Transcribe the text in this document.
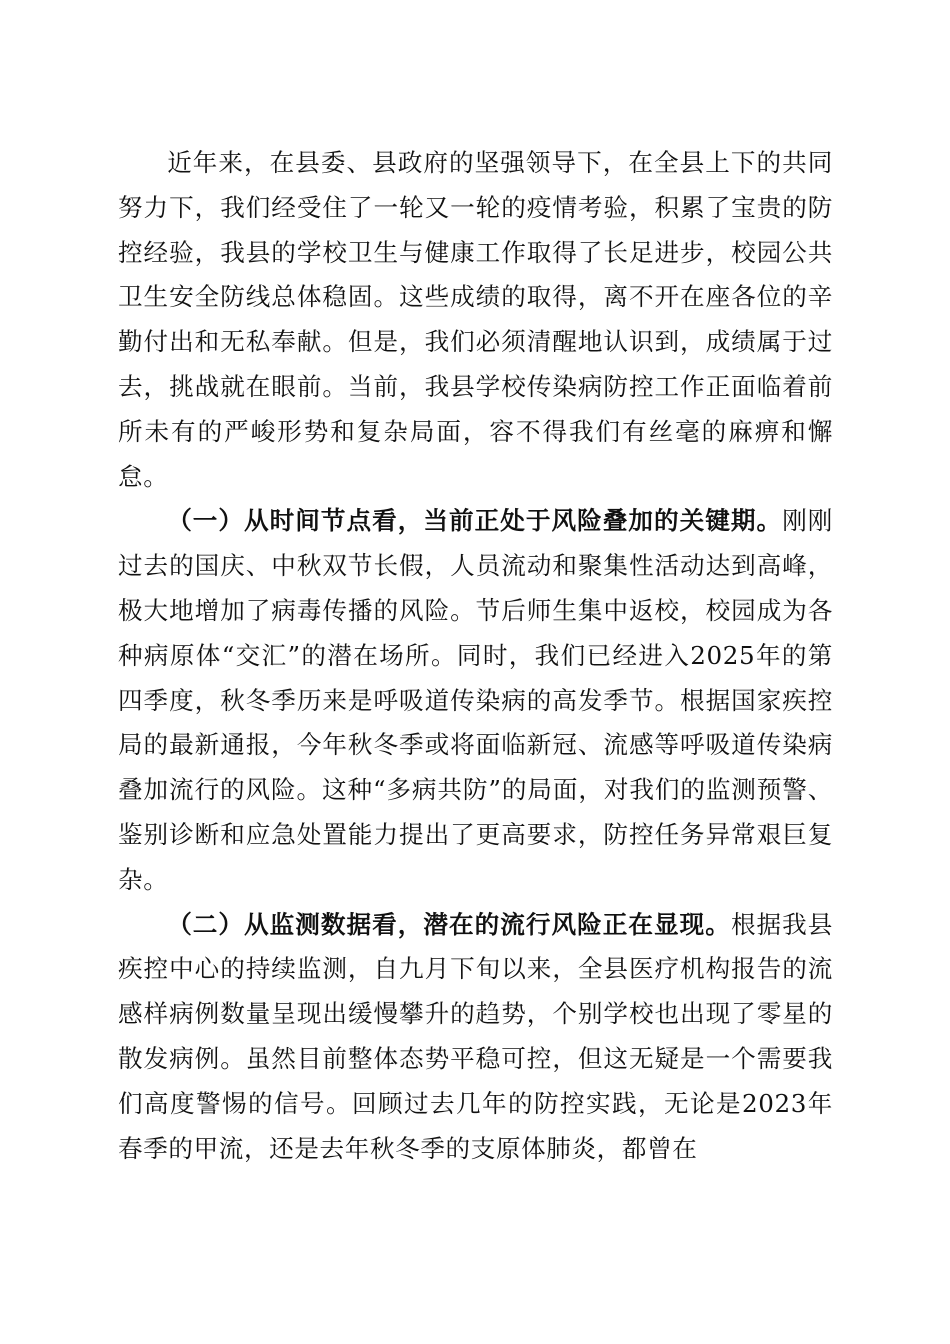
近年来，在县委、县政府的坚强领导下，在全县上下的共同努力下，我们经受住了一轮又一轮的疫情考验，积累了宝贵的防控经验，我县的学校卫生与健康工作取得了长足进步，校园公共卫生安全防线总体稳固。这些成绩的取得，离不开在座各位的辛勤付出和无私奉献。但是，我们必须清醒地认识到，成绩属于过去，挑战就在眼前。当前，我县学校传染病防控工作正面临着前所未有的严峻形势和复杂局面，容不得我们有丝毫的麻痹和懈怠。

（一）从时间节点看，当前正处于风险叠加的关键期。刚刚过去的国庆、中秋双节长假，人员流动和聚集性活动达到高峰，极大地增加了病毒传播的风险。节后师生集中返校，校园成为各种病原体“交汇”的潜在场所。同时，我们已经进入2025年的第四季度，秋冬季历来是呼吸道传染病的高发季节。根据国家疾控局的最新通报，今年秋冬季或将面临新冠、流感等呼吸道传染病叠加流行的风险。这种“多病共防”的局面，对我们的监测预警、鉴别诊断和应急处置能力提出了更高要求，防控任务异常艰巨复杂。

（二）从监测数据看，潜在的流行风险正在显现。根据我县疾控中心的持续监测，自九月下旬以来，全县医疗机构报告的流感样病例数量呈现出缓慢攀升的趋势，个别学校也出现了零星的散发病例。虽然目前整体态势平稳可控，但这无疑是一个需要我们高度警惕的信号。回顾过去几年的防控实践，无论是2023年春季的甲流，还是去年秋冬季的支原体肺炎，都曾在
